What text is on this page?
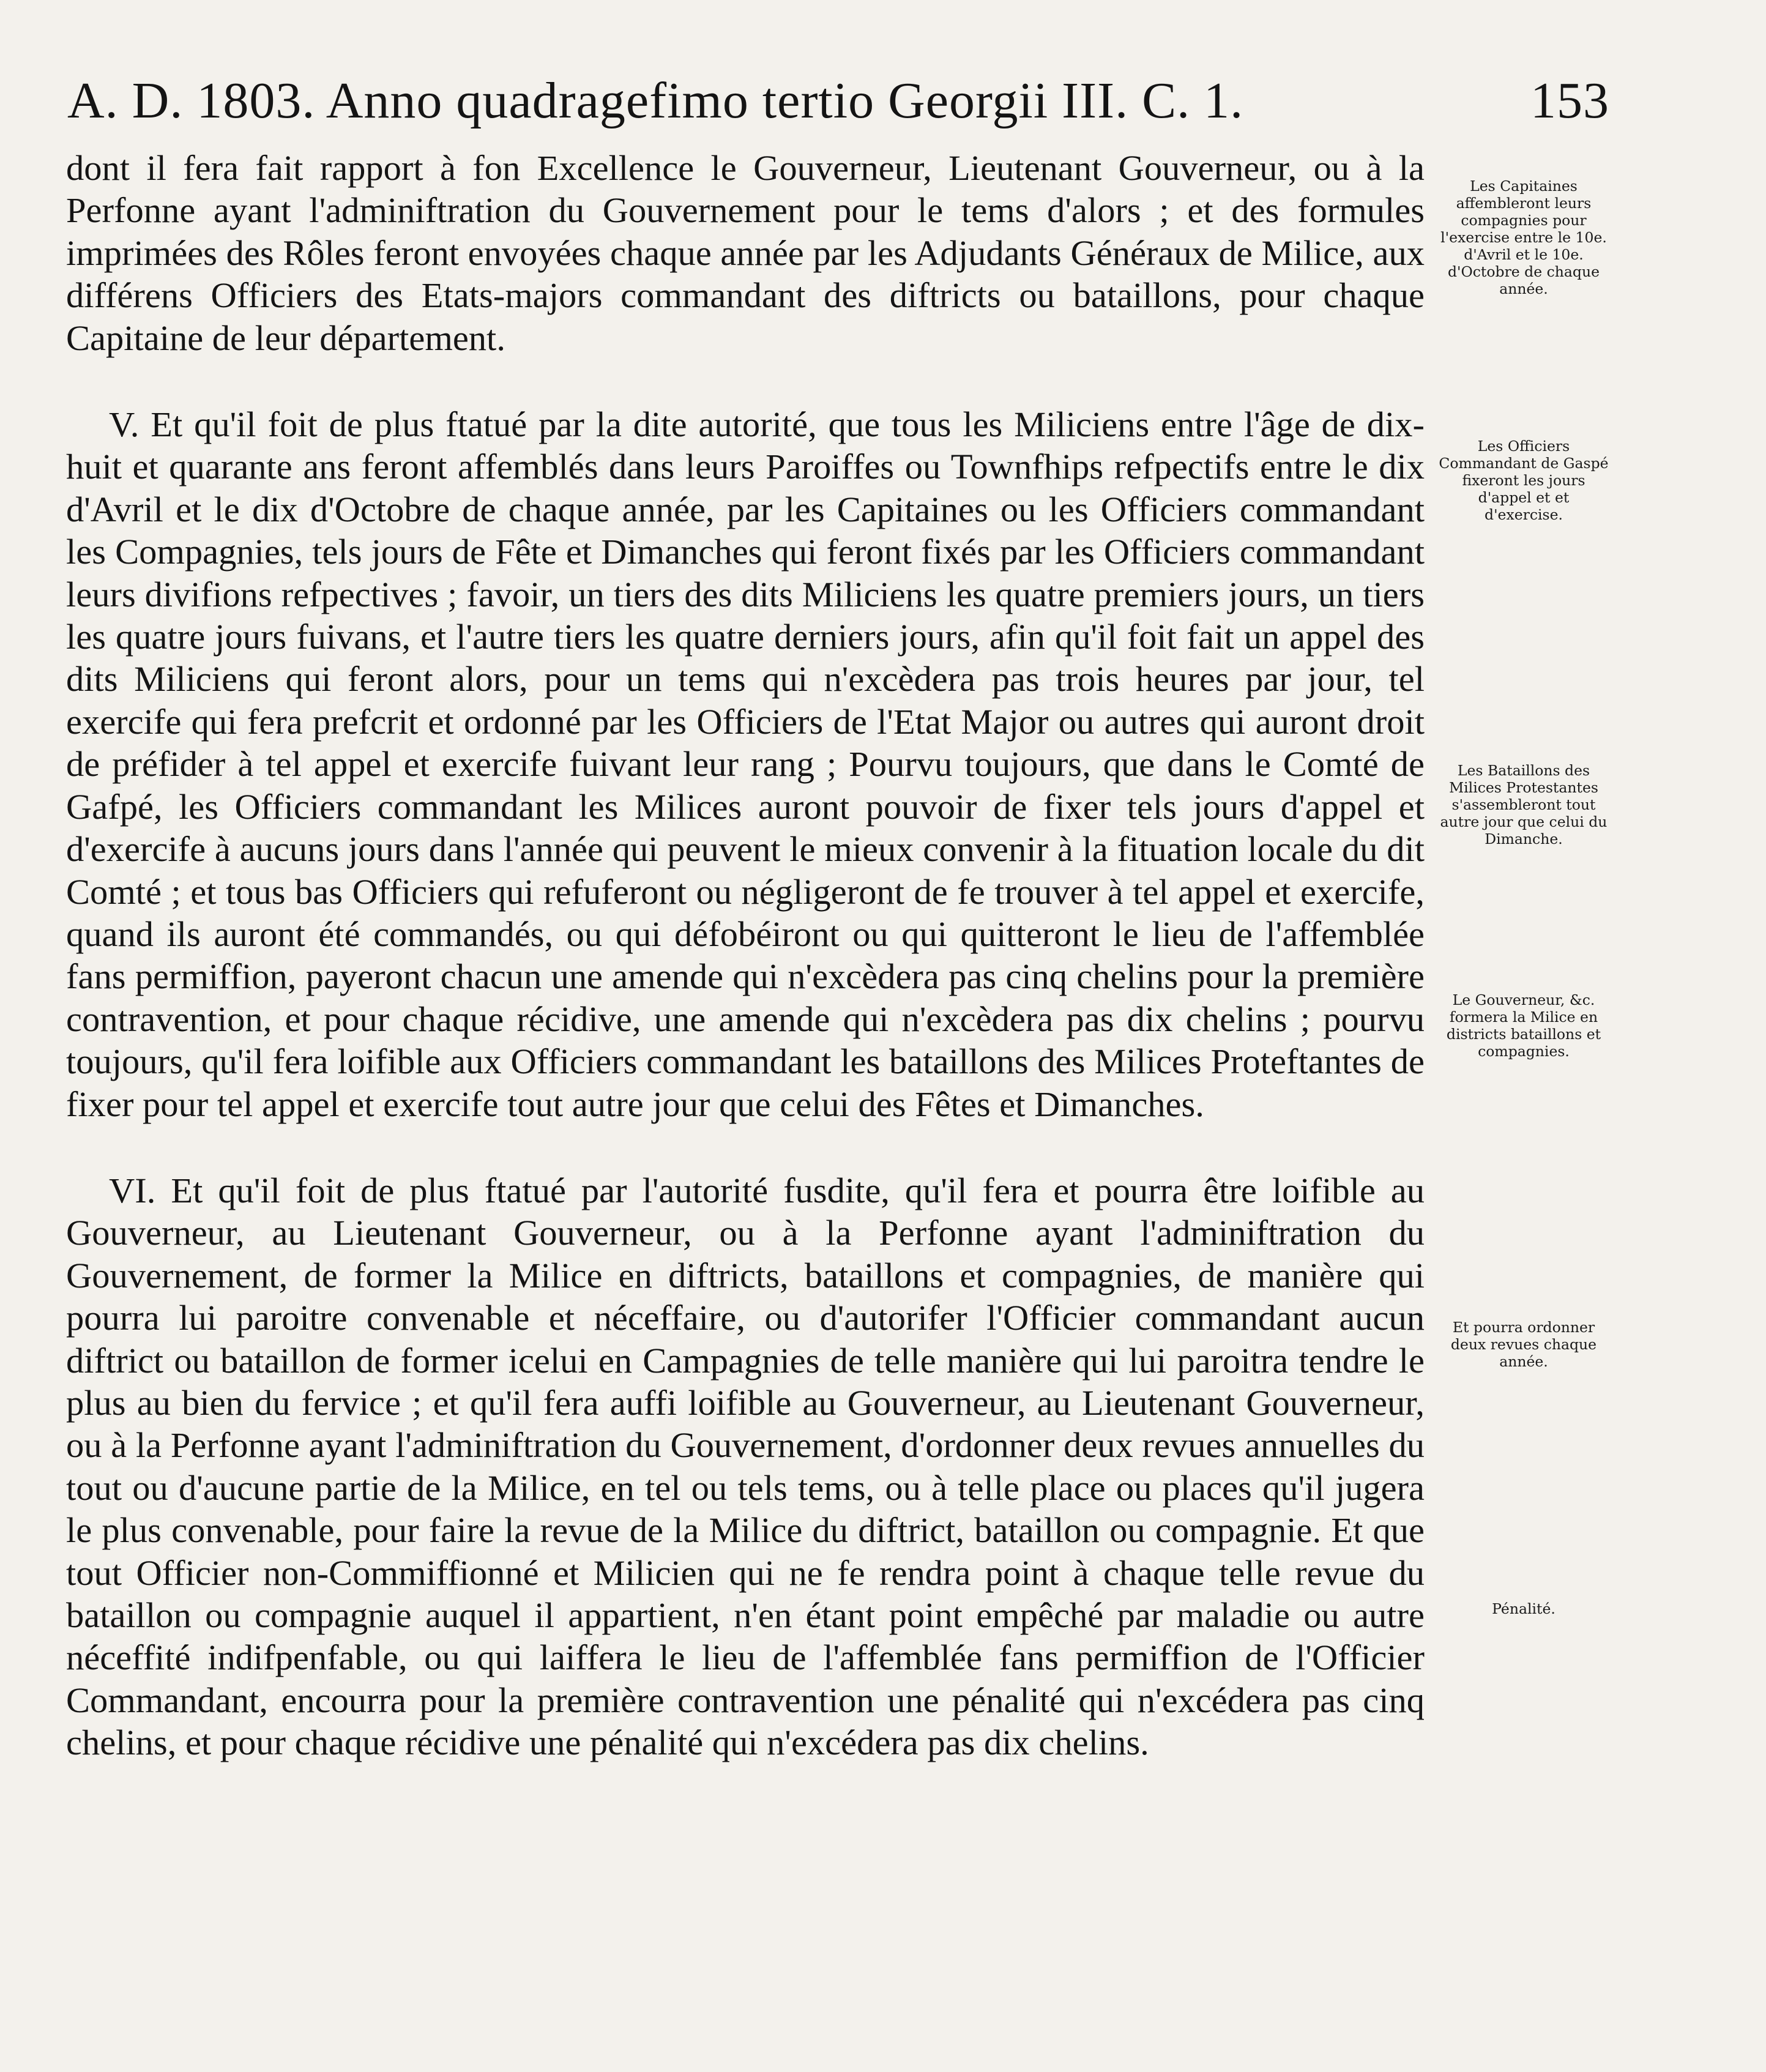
A. D. 1803. Anno quadragefimo tertio Georgii III. C. 1.	153

dont il fera fait rapport à fon Excellence le Gouverneur, Lieutenant Gouverneur, ou à la Perfonne ayant l'adminiftration du Gouvernement pour le tems d'alors ; et des formules imprimées des Rôles feront envoyées chaque année par les Adjudants Généraux de Milice, aux différens Officiers des Etats-majors commandant des diftricts ou bataillons, pour chaque Capitaine de leur département.

V. Et qu'il foit de plus ftatué par la dite autorité, que tous les Miliciens entre l'âge de dix-huit et quarante ans feront affemblés dans leurs Paroiffes ou Townfhips refpectifs entre le dix d'Avril et le dix d'Octobre de chaque année, par les Capitaines ou les Officiers commandant les Compagnies, tels jours de Fête et Dimanches qui feront fixés par les Officiers commandant leurs divifions refpectives ; favoir, un tiers des dits Miliciens les quatre premiers jours, un tiers les quatre jours fuivans, et l'autre tiers les quatre derniers jours, afin qu'il foit fait un appel des dits Miliciens qui feront alors, pour un tems qui n'excèdera pas trois heures par jour, tel exercife qui fera prefcrit et ordonné par les Officiers de l'Etat Major ou autres qui auront droit de préfider à tel appel et exercife fuivant leur rang ; Pourvu toujours, que dans le Comté de Gafpé, les Officiers commandant les Milices auront pouvoir de fixer tels jours d'appel et d'exercife à aucuns jours dans l'année qui peuvent le mieux convenir à la fituation locale du dit Comté ; et tous bas Officiers qui refuferont ou négligeront de fe trouver à tel appel et exercife, quand ils auront été commandés, ou qui défobéiront ou qui quitteront le lieu de l'affemblée fans permiffion, payeront chacun une amende qui n'excèdera pas cinq chelins pour la première contravention, et pour chaque récidive, une amende qui n'excèdera pas dix chelins ; pourvu toujours, qu'il fera loifible aux Officiers commandant les bataillons des Milices Proteftantes de fixer pour tel appel et exercife tout autre jour que celui des Fêtes et Dimanches.

VI. Et qu'il foit de plus ftatué par l'autorité fusdite, qu'il fera et pourra être loifible au Gouverneur, au Lieutenant Gouverneur, ou à la Perfonne ayant l'adminiftration du Gouvernement, de former la Milice en diftricts, bataillons et compagnies, de manière qui pourra lui paroitre convenable et néceffaire, ou d'autorifer l'Officier commandant aucun diftrict ou bataillon de former icelui en Campagnies de telle manière qui lui paroitra tendre le plus au bien du fervice ; et qu'il fera auffi loifible au Gouverneur, au Lieutenant Gouverneur, ou à la Perfonne ayant l'adminiftration du Gouvernement, d'ordonner deux revues annuelles du tout ou d'aucune partie de la Milice, en tel ou tels tems, ou à telle place ou places qu'il jugera le plus convenable, pour faire la revue de la Milice du diftrict, bataillon ou compagnie. Et que tout Officier non-Commiffionné et Milicien qui ne fe rendra point à chaque telle revue du bataillon ou compagnie auquel il appartient, n'en étant point empêché par maladie ou autre néceffité indifpenfable, ou qui laiffera le lieu de l'affemblée fans permiffion de l'Officier Commandant, encourra pour la première contravention une pénalité qui n'excédera pas cinq chelins, et pour chaque récidive une pénalité qui n'excédera pas dix chelins.

Les Capitaines affembleront leurs compagnies pour l'exercise entre le 10e. d'Avril et le 10e. d'Octobre de chaque année.
Les Officiers Commandant de Gaspé fixeront les jours d'appel et et d'exercise.
Les Bataillons des Milices Protestantes s'assembleront tout autre jour que celui du Dimanche.
Le Gouverneur, &c. formera la Milice en districts bataillons et compagnies.
Et pourra ordonner deux revues chaque année.
Pénalité.
